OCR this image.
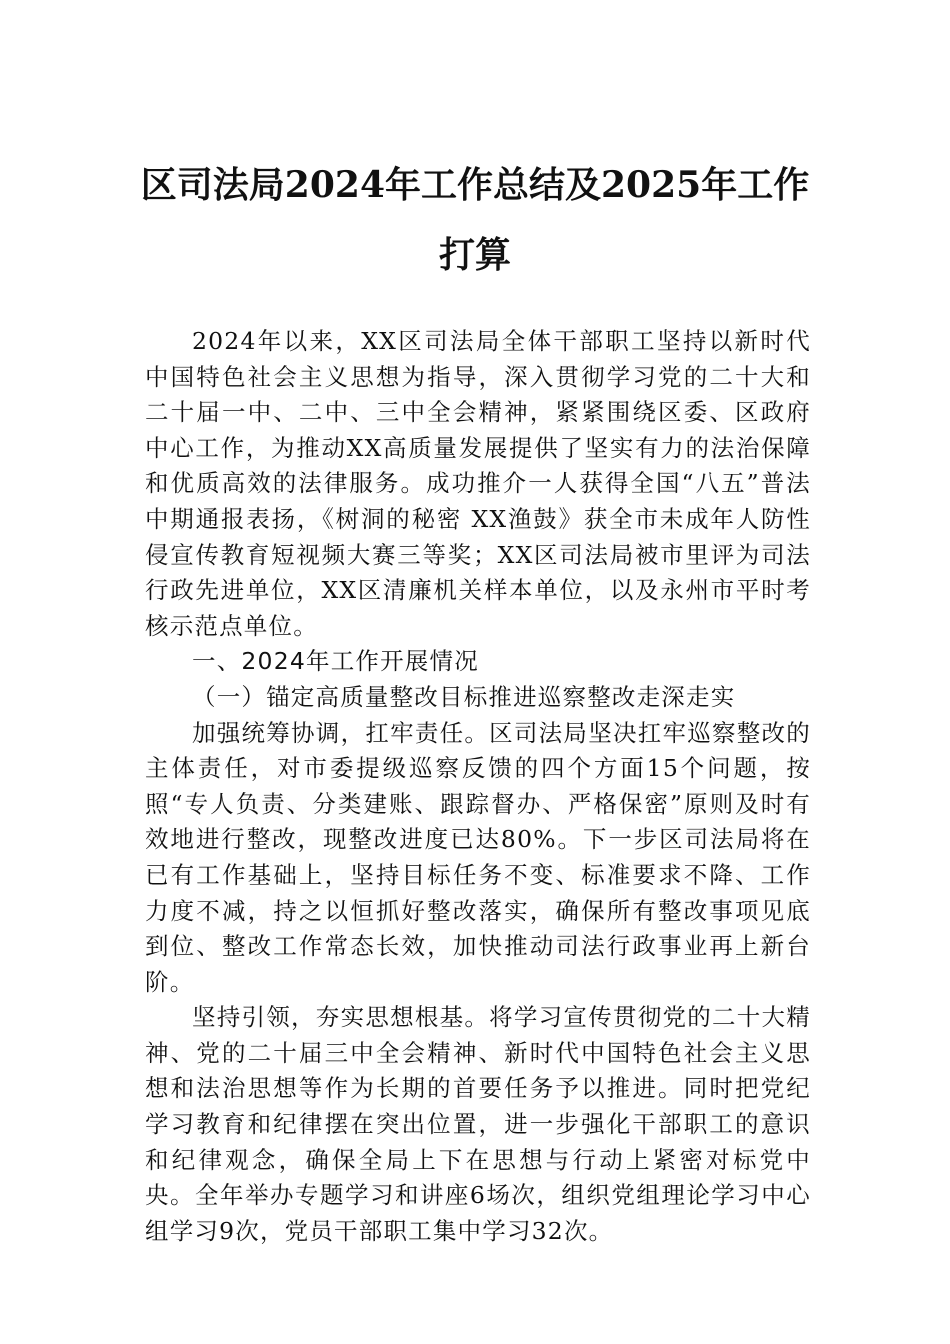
区司法局2024年工作总结及2025年工作打算

2024年以来，XX区司法局全体干部职工坚持以新时代中国特色社会主义思想为指导，深入贯彻学习党的二十大和二十届一中、二中、三中全会精神，紧紧围绕区委、区政府中心工作，为推动XX高质量发展提供了坚实有力的法治保障和优质高效的法律服务。成功推介一人获得全国“八五”普法中期通报表扬，《树洞的秘密 XX渔鼓》获全市未成年人防性侵宣传教育短视频大赛三等奖；XX区司法局被市里评为司法行政先进单位，XX区清廉机关样本单位，以及永州市平时考核示范点单位。

一、2024年工作开展情况

（一）锚定高质量整改目标推进巡察整改走深走实

加强统筹协调，扛牢责任。区司法局坚决扛牢巡察整改的主体责任，对市委提级巡察反馈的四个方面15个问题，按照“专人负责、分类建账、跟踪督办、严格保密”原则及时有效地进行整改，现整改进度已达80%。下一步区司法局将在已有工作基础上，坚持目标任务不变、标准要求不降、工作力度不减，持之以恒抓好整改落实，确保所有整改事项见底到位、整改工作常态长效，加快推动司法行政事业再上新台阶。

坚持引领，夯实思想根基。将学习宣传贯彻党的二十大精神、党的二十届三中全会精神、新时代中国特色社会主义思想和法治思想等作为长期的首要任务予以推进。同时把党纪学习教育和纪律摆在突出位置，进一步强化干部职工的意识和纪律观念，确保全局上下在思想与行动上紧密对标党中央。全年举办专题学习和讲座6场次，组织党组理论学习中心组学习9次，党员干部职工集中学习32次。
